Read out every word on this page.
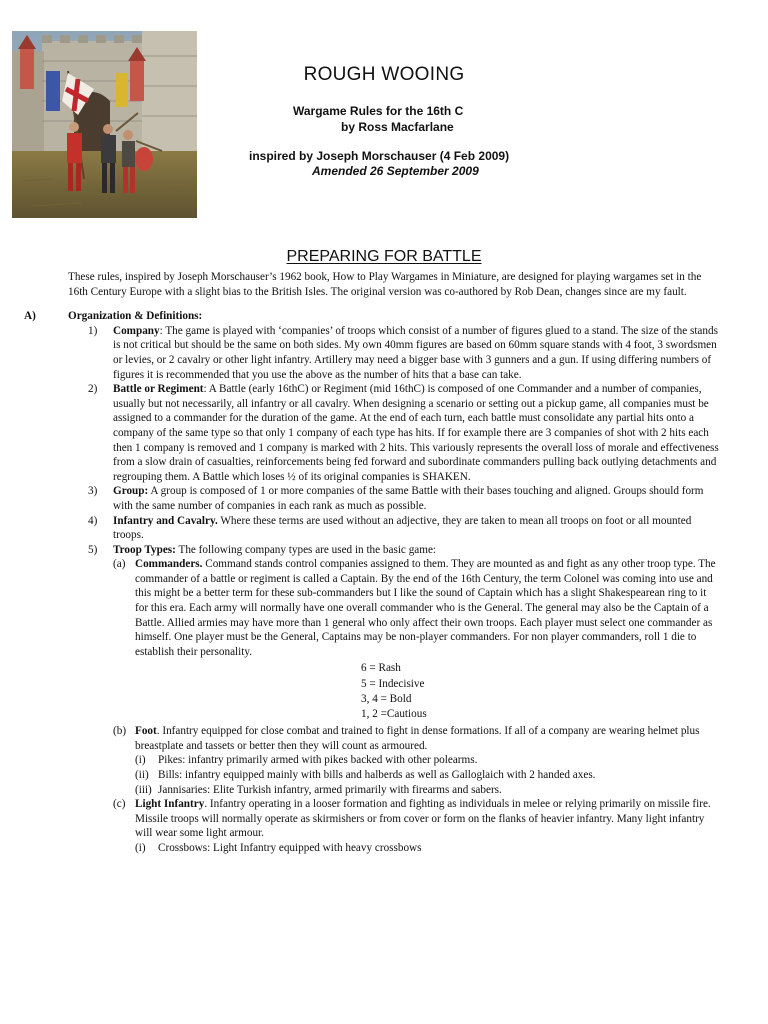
ROUGH WOOING

Wargame Rules for the 16th C

by Ross Macfarlane

inspired by Joseph Morschauser (4 Feb 2009)

Amended 26 September 2009

PREPARING FOR BATTLE

These rules, inspired by Joseph Morschauser’s 1962 book, How to Play Wargames in Miniature, are designed for playing wargames set in the 16th Century Europe with a slight bias to the British Isles. The original version was co-authored by Rob Dean, changes since are my fault.

A)	Organization & Definitions:
1)	Company: The game is played with ‘companies’ of troops which consist of a number of figures glued to a stand. The size of the stands is not critical but should be the same on both sides. My own 40mm figures are based on 60mm square stands with 4 foot, 3 swordsmen or levies, or 2 cavalry or other light infantry. Artillery may need a bigger base with 3 gunners and a gun. If using differing numbers of figures it is recommended that you use the above as the number of hits that a base can take.
2)	Battle or Regiment: A Battle (early 16thC) or Regiment (mid 16thC) is composed of one Commander and a number of companies, usually but not necessarily, all infantry or all cavalry. When designing a scenario or setting out a pickup game, all companies must be assigned to a commander for the duration of the game. At the end of each turn, each battle must consolidate any partial hits onto a company of the same type so that only 1 company of each type has hits. If for example there are 3 companies of shot with 2 hits each then 1 company is removed and 1 company is marked with 2 hits. This variously represents the overall loss of morale and effectiveness from a slow drain of casualties, reinforcements being fed forward and subordinate commanders pulling back outlying detachments and regrouping them. A Battle which loses ½ of its original companies is SHAKEN.
3)	Group: A group is composed of 1 or more companies of the same Battle with their bases touching and aligned. Groups should form with the same number of companies in each rank as much as possible.
4)	Infantry and Cavalry. Where these terms are used without an adjective, they are taken to mean all troops on foot or all mounted troops.
5)	Troop Types: The following company types are used in the basic game:
(a) Commanders. Command stands control companies assigned to them. They are mounted as and fight as any other troop type. The commander of a battle or regiment is called a Captain. By the end of the 16th Century, the term Colonel was coming into use and this might be a better term for these sub-commanders but I like the sound of Captain which has a slight Shakespearean ring to it for this era. Each army will normally have one overall commander who is the General. The general may also be the Captain of a Battle. Allied armies may have more than 1 general who only affect their own troops. Each player must select one commander as himself. One player must be the General, Captains may be non-player commanders. For non player commanders, roll 1 die to establish their personality.
6 = Rash
5 = Indecisive
3, 4 = Bold
1, 2 =Cautious
(b) Foot. Infantry equipped for close combat and trained to fight in dense formations. If all of a company are wearing helmet plus breastplate and tassets or better then they will count as armoured.
(i)	Pikes: infantry primarily armed with pikes backed with other polearms.
(ii) Bills: infantry equipped mainly with bills and halberds as well as Galloglaich with 2 handed axes.
(iii) Jannisaries: Elite Turkish infantry, armed primarily with firearms and sabers.
(c) Light Infantry. Infantry operating in a looser formation and fighting as individuals in melee or relying primarily on missile fire. Missile troops will normally operate as skirmishers or from cover or form on the flanks of heavier infantry. Many light infantry will wear some light armour.
(i)	Crossbows: Light Infantry equipped with heavy crossbows
